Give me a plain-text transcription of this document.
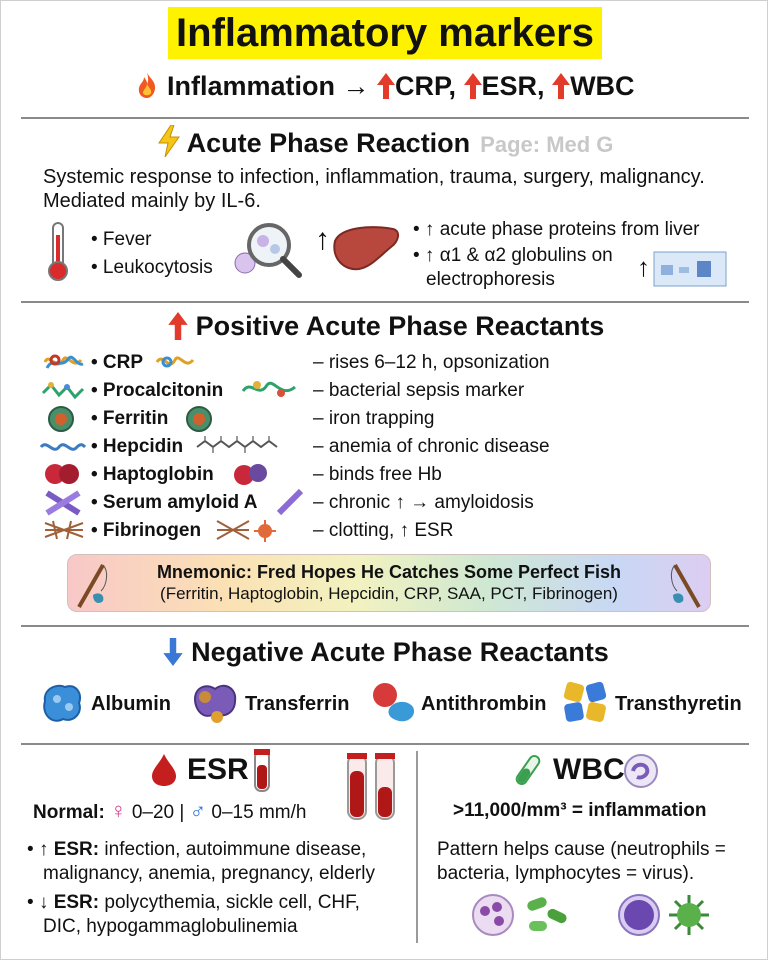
Inflammatory markers
Inflammation → CRP, ESR, WBC
Acute Phase Reaction Page: Med G
Systemic response to infection, inflammation, trauma, surgery, malignancy.
Mediated mainly by IL-6.
• Fever
• Leukocytosis
↑	• ↑ acute phase proteins from liver
• ↑ α1 & α2 globulins on
electrophoresis	↑
Positive Acute Phase Reactants
• CRP	– rises 6–12 h, opsonization
• Procalcitonin	– bacterial sepsis marker
• Ferritin	– iron trapping
• Hepcidin	– anemia of chronic disease
• Haptoglobin	– binds free Hb
• Serum amyloid A	– chronic ↑ → amyloidosis
• Fibrinogen	– clotting, ↑ ESR
Mnemonic: Fred Hopes He Catches Some Perfect Fish
(Ferritin, Haptoglobin, Hepcidin, CRP, SAA, PCT, Fibrinogen)
Negative Acute Phase Reactants
Albumin	Transferrin	Antithrombin	Transthyretin
ESR
Normal: ♀ 0–20 | ♂ 0–15 mm/h
• ↑ ESR: infection, autoimmune disease,
malignancy, anemia, pregnancy, elderly
• ↓ ESR: polycythemia, sickle cell, CHF,
DIC, hypogammaglobulinemia
WBC
>11,000/mm³ = inflammation
Pattern helps cause (neutrophils =
bacteria, lymphocytes = virus).
